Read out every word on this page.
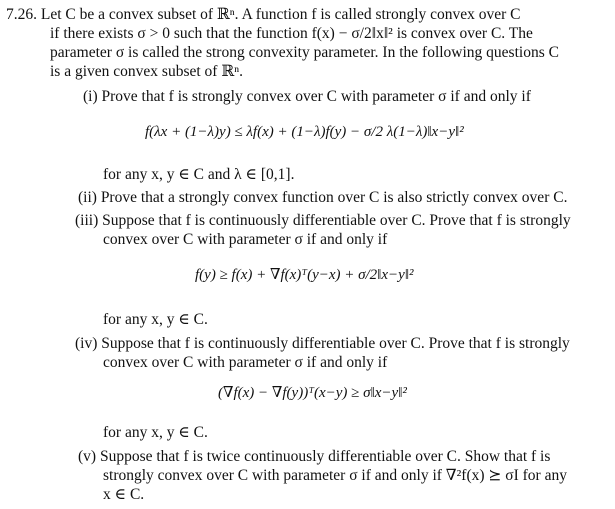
7.26. Let C be a convex subset of ℝⁿ. A function f is called strongly convex over C
if there exists σ > 0 such that the function f(x) − σ/2‖x‖² is convex over C. The
parameter σ is called the strong convexity parameter. In the following questions C
is a given convex subset of ℝⁿ.
(i) Prove that f is strongly convex over C with parameter σ if and only if
f(λx + (1−λ)y) ≤ λf(x) + (1−λ)f(y) − σ/2 λ(1−λ)‖x−y‖²
for any x, y ∈ C and λ ∈ [0,1].
(ii) Prove that a strongly convex function over C is also strictly convex over C.
(iii) Suppose that f is continuously differentiable over C. Prove that f is strongly
convex over C with parameter σ if and only if
f(y) ≥ f(x) + ∇f(x)ᵀ(y−x) + σ/2‖x−y‖²
for any x, y ∈ C.
(iv) Suppose that f is continuously differentiable over C. Prove that f is strongly
convex over C with parameter σ if and only if
(∇f(x) − ∇f(y))ᵀ(x−y) ≥ σ‖x−y‖²
for any x, y ∈ C.
(v) Suppose that f is twice continuously differentiable over C. Show that f is
strongly convex over C with parameter σ if and only if ∇²f(x) ⪰ σI for any
x ∈ C.
